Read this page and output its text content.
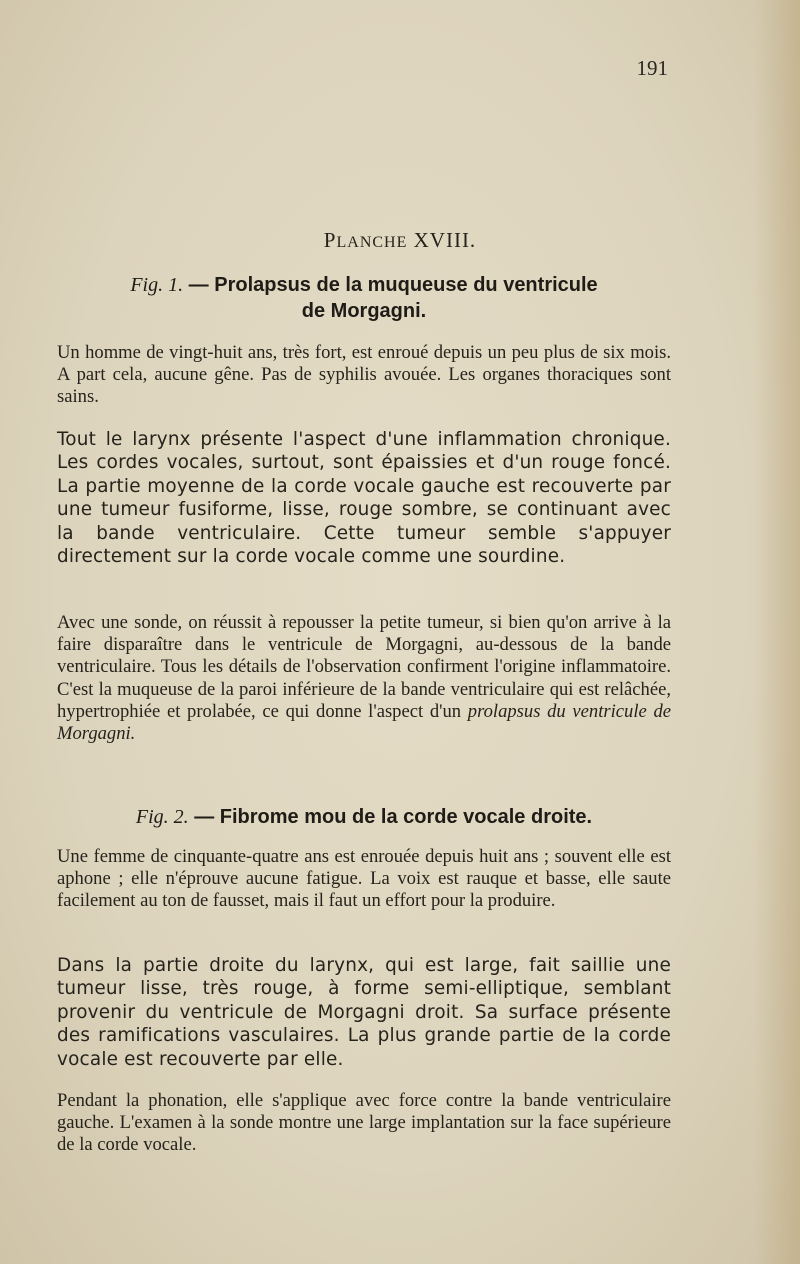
191
PLANCHE XVIII.
Fig. 1. — Prolapsus de la muqueuse du ventricule
de Morgagni.
Un homme de vingt-huit ans, très fort, est enroué depuis un peu plus de six mois. A part cela, aucune gêne. Pas de syphilis avouée. Les organes thoraciques sont sains.
Tout le larynx présente l'aspect d'une inflammation chronique. Les cordes vocales, surtout, sont épaissies et d'un rouge foncé. La partie moyenne de la corde vocale gauche est recouverte par une tumeur fusiforme, lisse, rouge sombre, se continuant avec la bande ventriculaire. Cette tumeur semble s'appuyer directement sur la corde vocale comme une sourdine.
Avec une sonde, on réussit à repousser la petite tumeur, si bien qu'on arrive à la faire disparaître dans le ventricule de Morgagni, au-dessous de la bande ventriculaire. Tous les détails de l'observation confirment l'origine inflammatoire. C'est la muqueuse de la paroi inférieure de la bande ventriculaire qui est relâchée, hypertrophiée et prolabée, ce qui donne l'aspect d'un prolapsus du ventricule de Morgagni.
Fig. 2. — Fibrome mou de la corde vocale droite.
Une femme de cinquante-quatre ans est enrouée depuis huit ans ; souvent elle est aphone ; elle n'éprouve aucune fatigue. La voix est rauque et basse, elle saute facilement au ton de fausset, mais il faut un effort pour la produire.
Dans la partie droite du larynx, qui est large, fait saillie une tumeur lisse, très rouge, à forme semi-elliptique, semblant provenir du ventricule de Morgagni droit. Sa surface présente des ramifications vasculaires. La plus grande partie de la corde vocale est recouverte par elle.
Pendant la phonation, elle s'applique avec force contre la bande ventriculaire gauche. L'examen à la sonde montre une large implantation sur la face supérieure de la corde vocale.
